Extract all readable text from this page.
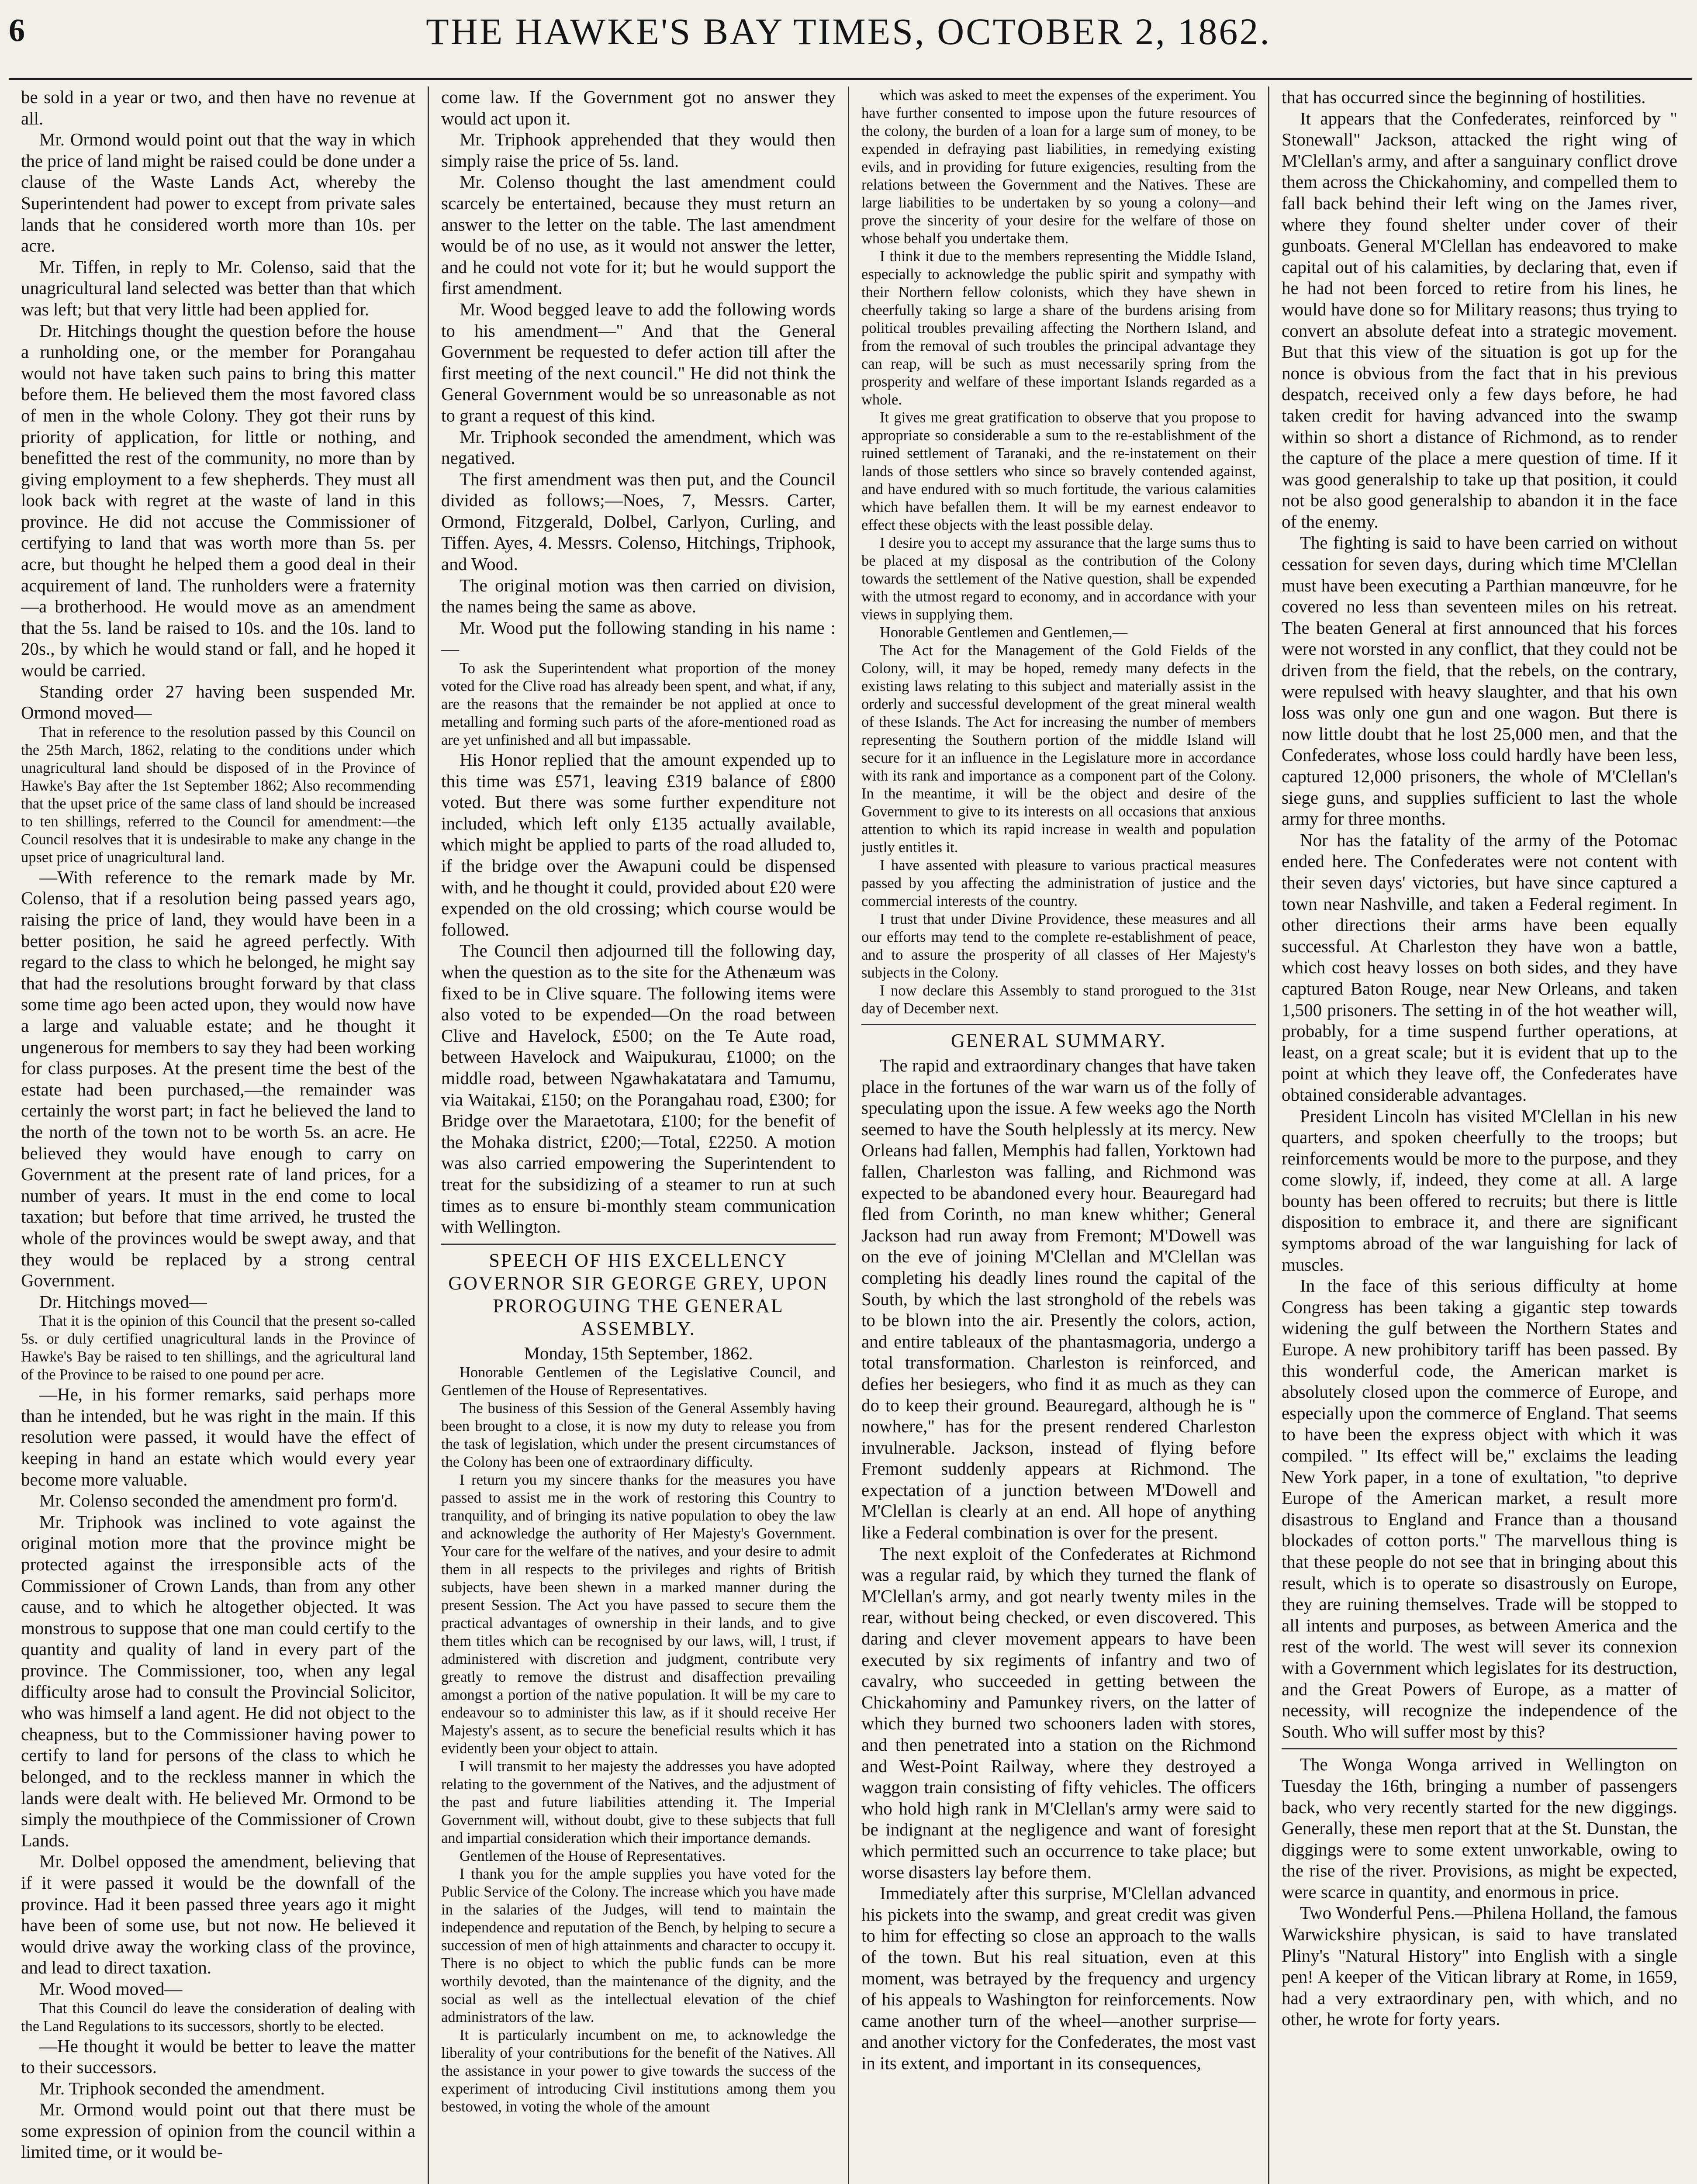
6	THE HAWKE'S BAY TIMES, OCTOBER 2, 1862.

be sold in a year or two, and then have no revenue at all.

Mr. Ormond would point out that the way in which the price of land might be raised could be done under a clause of the Waste Lands Act, whereby the Superintendent had power to except from private sales lands that he considered worth more than 10s. per acre.

Mr. Tiffen, in reply to Mr. Colenso, said that the unagricultural land selected was better than that which was left; but that very little had been applied for.

Dr. Hitchings thought the question before the house a runholding one, or the member for Porangahau would not have taken such pains to bring this matter before them. He believed them the most favored class of men in the whole Colony. They got their runs by priority of application, for little or nothing, and benefitted the rest of the community, no more than by giving employment to a few shepherds. They must all look back with regret at the waste of land in this province. He did not accuse the Commissioner of certifying to land that was worth more than 5s. per acre, but thought he helped them a good deal in their acquirement of land. The runholders were a fraternity—a brotherhood. He would move as an amendment that the 5s. land be raised to 10s. and the 10s. land to 20s., by which he would stand or fall, and he hoped it would be carried.

Standing order 27 having been suspended Mr. Ormond moved—

That in reference to the resolution passed by this Council on the 25th March, 1862, relating to the conditions under which unagricultural land should be disposed of in the Province of Hawke's Bay after the 1st September 1862; Also recommending that the upset price of the same class of land should be increased to ten shillings, referred to the Council for amendment:—the Council resolves that it is undesirable to make any change in the upset price of unagricultural land.

—With reference to the remark made by Mr. Colenso, that if a resolution being passed years ago, raising the price of land, they would have been in a better position, he said he agreed perfectly. With regard to the class to which he belonged, he might say that had the resolutions brought forward by that class some time ago been acted upon, they would now have a large and valuable estate; and he thought it ungenerous for members to say they had been working for class purposes. At the present time the best of the estate had been purchased,—the remainder was certainly the worst part; in fact he believed the land to the north of the town not to be worth 5s. an acre. He believed they would have enough to carry on Government at the present rate of land prices, for a number of years. It must in the end come to local taxation; but before that time arrived, he trusted the whole of the provinces would be swept away, and that they would be replaced by a strong central Government.

Dr. Hitchings moved—

That it is the opinion of this Council that the present so-called 5s. or duly certified unagricultural lands in the Province of Hawke's Bay be raised to ten shillings, and the agricultural land of the Province to be raised to one pound per acre.

—He, in his former remarks, said perhaps more than he intended, but he was right in the main. If this resolution were passed, it would have the effect of keeping in hand an estate which would every year become more valuable.

Mr. Colenso seconded the amendment pro form'd.

Mr. Triphook was inclined to vote against the original motion more that the province might be protected against the irresponsible acts of the Commissioner of Crown Lands, than from any other cause, and to which he altogether objected. It was monstrous to suppose that one man could certify to the quantity and quality of land in every part of the province. The Commissioner, too, when any legal difficulty arose had to consult the Provincial Solicitor, who was himself a land agent. He did not object to the cheapness, but to the Commissioner having power to certify to land for persons of the class to which he belonged, and to the reckless manner in which the lands were dealt with. He believed Mr. Ormond to be simply the mouthpiece of the Commissioner of Crown Lands.

Mr. Dolbel opposed the amendment, believing that if it were passed it would be the downfall of the province. Had it been passed three years ago it might have been of some use, but not now. He believed it would drive away the working class of the province, and lead to direct taxation.

Mr. Wood moved—

That this Council do leave the consideration of dealing with the Land Regulations to its successors, shortly to be elected.

—He thought it would be better to leave the matter to their successors.

Mr. Triphook seconded the amendment.

Mr. Ormond would point out that there must be some expression of opinion from the council within a limited time, or it would be-

come law. If the Government got no answer they would act upon it.

Mr. Triphook apprehended that they would then simply raise the price of 5s. land.

Mr. Colenso thought the last amendment could scarcely be entertained, because they must return an answer to the letter on the table. The last amendment would be of no use, as it would not answer the letter, and he could not vote for it; but he would support the first amendment.

Mr. Wood begged leave to add the following words to his amendment—" And that the General Government be requested to defer action till after the first meeting of the next council." He did not think the General Government would be so unreasonable as not to grant a request of this kind.

Mr. Triphook seconded the amendment, which was negatived.

The first amendment was then put, and the Council divided as follows;—Noes, 7, Messrs. Carter, Ormond, Fitzgerald, Dolbel, Carlyon, Curling, and Tiffen. Ayes, 4. Messrs. Colenso, Hitchings, Triphook, and Wood.

The original motion was then carried on division, the names being the same as above.

Mr. Wood put the following standing in his name :—

To ask the Superintendent what proportion of the money voted for the Clive road has already been spent, and what, if any, are the reasons that the remainder be not applied at once to metalling and forming such parts of the afore-mentioned road as are yet unfinished and all but impassable.

His Honor replied that the amount expended up to this time was £571, leaving £319 balance of £800 voted. But there was some further expenditure not included, which left only £135 actually available, which might be applied to parts of the road alluded to, if the bridge over the Awapuni could be dispensed with, and he thought it could, provided about £20 were expended on the old crossing; which course would be followed.

The Council then adjourned till the following day, when the question as to the site for the Athenæum was fixed to be in Clive square. The following items were also voted to be expended—On the road between Clive and Havelock, £500; on the Te Aute road, between Havelock and Waipukurau, £1000; on the middle road, between Ngawhakatatara and Tamumu, via Waitakai, £150; on the Porangahau road, £300; for Bridge over the Maraetotara, £100; for the benefit of the Mohaka district, £200;—Total, £2250. A motion was also carried empowering the Superintendent to treat for the subsidizing of a steamer to run at such times as to ensure bi-monthly steam communication with Wellington.

SPEECH OF HIS EXCELLENCY GOVERNOR SIR GEORGE GREY, UPON PROROGUING THE GENERAL ASSEMBLY.

Monday, 15th September, 1862.

Honorable Gentlemen of the Legislative Council, and Gentlemen of the House of Representatives.

The business of this Session of the General Assembly having been brought to a close, it is now my duty to release you from the task of legislation, which under the present circumstances of the Colony has been one of extraordinary difficulty.

I return you my sincere thanks for the measures you have passed to assist me in the work of restoring this Country to tranquility, and of bringing its native population to obey the law and acknowledge the authority of Her Majesty's Government. Your care for the welfare of the natives, and your desire to admit them in all respects to the privileges and rights of British subjects, have been shewn in a marked manner during the present Session. The Act you have passed to secure them the practical advantages of ownership in their lands, and to give them titles which can be recognised by our laws, will, I trust, if administered with discretion and judgment, contribute very greatly to remove the distrust and disaffection prevailing amongst a portion of the native population. It will be my care to endeavour so to administer this law, as if it should receive Her Majesty's assent, as to secure the beneficial results which it has evidently been your object to attain.

I will transmit to her majesty the addresses you have adopted relating to the government of the Natives, and the adjustment of the past and future liabilities attending it. The Imperial Government will, without doubt, give to these subjects that full and impartial consideration which their importance demands.

Gentlemen of the House of Representatives.

I thank you for the ample supplies you have voted for the Public Service of the Colony. The increase which you have made in the salaries of the Judges, will tend to maintain the independence and reputation of the Bench, by helping to secure a succession of men of high attainments and character to occupy it. There is no object to which the public funds can be more worthily devoted, than the maintenance of the dignity, and the social as well as the intellectual elevation of the chief administrators of the law.

It is particularly incumbent on me, to acknowledge the liberality of your contributions for the benefit of the Natives. All the assistance in your power to give towards the success of the experiment of introducing Civil institutions among them you bestowed, in voting the whole of the amount

which was asked to meet the expenses of the experiment. You have further consented to impose upon the future resources of the colony, the burden of a loan for a large sum of money, to be expended in defraying past liabilities, in remedying existing evils, and in providing for future exigencies, resulting from the relations between the Government and the Natives. These are large liabilities to be undertaken by so young a colony—and prove the sincerity of your desire for the welfare of those on whose behalf you undertake them.

I think it due to the members representing the Middle Island, especially to acknowledge the public spirit and sympathy with their Northern fellow colonists, which they have shewn in cheerfully taking so large a share of the burdens arising from political troubles prevailing affecting the Northern Island, and from the removal of such troubles the principal advantage they can reap, will be such as must necessarily spring from the prosperity and welfare of these important Islands regarded as a whole.

It gives me great gratification to observe that you propose to appropriate so considerable a sum to the re-establishment of the ruined settlement of Taranaki, and the re-instatement on their lands of those settlers who since so bravely contended against, and have endured with so much fortitude, the various calamities which have befallen them. It will be my earnest endeavor to effect these objects with the least possible delay.

I desire you to accept my assurance that the large sums thus to be placed at my disposal as the contribution of the Colony towards the settlement of the Native question, shall be expended with the utmost regard to economy, and in accordance with your views in supplying them.

Honorable Gentlemen and Gentlemen,—

The Act for the Management of the Gold Fields of the Colony, will, it may be hoped, remedy many defects in the existing laws relating to this subject and materially assist in the orderly and successful development of the great mineral wealth of these Islands. The Act for increasing the number of members representing the Southern portion of the middle Island will secure for it an influence in the Legislature more in accordance with its rank and importance as a component part of the Colony. In the meantime, it will be the object and desire of the Government to give to its interests on all occasions that anxious attention to which its rapid increase in wealth and population justly entitles it.

I have assented with pleasure to various practical measures passed by you affecting the administration of justice and the commercial interests of the country.

I trust that under Divine Providence, these measures and all our efforts may tend to the complete re-establishment of peace, and to assure the prosperity of all classes of Her Majesty's subjects in the Colony.

I now declare this Assembly to stand prorogued to the 31st day of December next.

GENERAL SUMMARY.

The rapid and extraordinary changes that have taken place in the fortunes of the war warn us of the folly of speculating upon the issue. A few weeks ago the North seemed to have the South helplessly at its mercy. New Orleans had fallen, Memphis had fallen, Yorktown had fallen, Charleston was falling, and Richmond was expected to be abandoned every hour. Beauregard had fled from Corinth, no man knew whither; General Jackson had run away from Fremont; M'Dowell was on the eve of joining M'Clellan and M'Clellan was completing his deadly lines round the capital of the South, by which the last stronghold of the rebels was to be blown into the air. Presently the colors, action, and entire tableaux of the phantasmagoria, undergo a total transformation. Charleston is reinforced, and defies her besiegers, who find it as much as they can do to keep their ground. Beauregard, although he is " nowhere," has for the present rendered Charleston invulnerable. Jackson, instead of flying before Fremont suddenly appears at Richmond. The expectation of a junction between M'Dowell and M'Clellan is clearly at an end. All hope of anything like a Federal combination is over for the present.

The next exploit of the Confederates at Richmond was a regular raid, by which they turned the flank of M'Clellan's army, and got nearly twenty miles in the rear, without being checked, or even discovered. This daring and clever movement appears to have been executed by six regiments of infantry and two of cavalry, who succeeded in getting between the Chickahominy and Pamunkey rivers, on the latter of which they burned two schooners laden with stores, and then penetrated into a station on the Richmond and West-Point Railway, where they destroyed a waggon train consisting of fifty vehicles. The officers who hold high rank in M'Clellan's army were said to be indignant at the negligence and want of foresight which permitted such an occurrence to take place; but worse disasters lay before them.

Immediately after this surprise, M'Clellan advanced his pickets into the swamp, and great credit was given to him for effecting so close an approach to the walls of the town. But his real situation, even at this moment, was betrayed by the frequency and urgency of his appeals to Washington for reinforcements. Now came another turn of the wheel—another surprise—and another victory for the Confederates, the most vast in its extent, and important in its consequences,

that has occurred since the beginning of hostilities.

It appears that the Confederates, reinforced by " Stonewall" Jackson, attacked the right wing of M'Clellan's army, and after a sanguinary conflict drove them across the Chickahominy, and compelled them to fall back behind their left wing on the James river, where they found shelter under cover of their gunboats. General M'Clellan has endeavored to make capital out of his calamities, by declaring that, even if he had not been forced to retire from his lines, he would have done so for Military reasons; thus trying to convert an absolute defeat into a strategic movement. But that this view of the situation is got up for the nonce is obvious from the fact that in his previous despatch, received only a few days before, he had taken credit for having advanced into the swamp within so short a distance of Richmond, as to render the capture of the place a mere question of time. If it was good generalship to take up that position, it could not be also good generalship to abandon it in the face of the enemy.

The fighting is said to have been carried on without cessation for seven days, during which time M'Clellan must have been executing a Parthian manœuvre, for he covered no less than seventeen miles on his retreat. The beaten General at first announced that his forces were not worsted in any conflict, that they could not be driven from the field, that the rebels, on the contrary, were repulsed with heavy slaughter, and that his own loss was only one gun and one wagon. But there is now little doubt that he lost 25,000 men, and that the Confederates, whose loss could hardly have been less, captured 12,000 prisoners, the whole of M'Clellan's siege guns, and supplies sufficient to last the whole army for three months.

Nor has the fatality of the army of the Potomac ended here. The Confederates were not content with their seven days' victories, but have since captured a town near Nashville, and taken a Federal regiment. In other directions their arms have been equally successful. At Charleston they have won a battle, which cost heavy losses on both sides, and they have captured Baton Rouge, near New Orleans, and taken 1,500 prisoners. The setting in of the hot weather will, probably, for a time suspend further operations, at least, on a great scale; but it is evident that up to the point at which they leave off, the Confederates have obtained considerable advantages.

President Lincoln has visited M'Clellan in his new quarters, and spoken cheerfully to the troops; but reinforcements would be more to the purpose, and they come slowly, if, indeed, they come at all. A large bounty has been offered to recruits; but there is little disposition to embrace it, and there are significant symptoms abroad of the war languishing for lack of muscles.

In the face of this serious difficulty at home Congress has been taking a gigantic step towards widening the gulf between the Northern States and Europe. A new prohibitory tariff has been passed. By this wonderful code, the American market is absolutely closed upon the commerce of Europe, and especially upon the commerce of England. That seems to have been the express object with which it was compiled. " Its effect will be," exclaims the leading New York paper, in a tone of exultation, "to deprive Europe of the American market, a result more disastrous to England and France than a thousand blockades of cotton ports." The marvellous thing is that these people do not see that in bringing about this result, which is to operate so disastrously on Europe, they are ruining themselves. Trade will be stopped to all intents and purposes, as between America and the rest of the world. The west will sever its connexion with a Government which legislates for its destruction, and the Great Powers of Europe, as a matter of necessity, will recognize the independence of the South. Who will suffer most by this?

The Wonga Wonga arrived in Wellington on Tuesday the 16th, bringing a number of passengers back, who very recently started for the new diggings. Generally, these men report that at the St. Dunstan, the diggings were to some extent unworkable, owing to the rise of the river. Provisions, as might be expected, were scarce in quantity, and enormous in price.

Two Wonderful Pens.—Philena Holland, the famous Warwickshire physican, is said to have translated Pliny's "Natural History" into English with a single pen! A keeper of the Vitican library at Rome, in 1659, had a very extraordinary pen, with which, and no other, he wrote for forty years.
